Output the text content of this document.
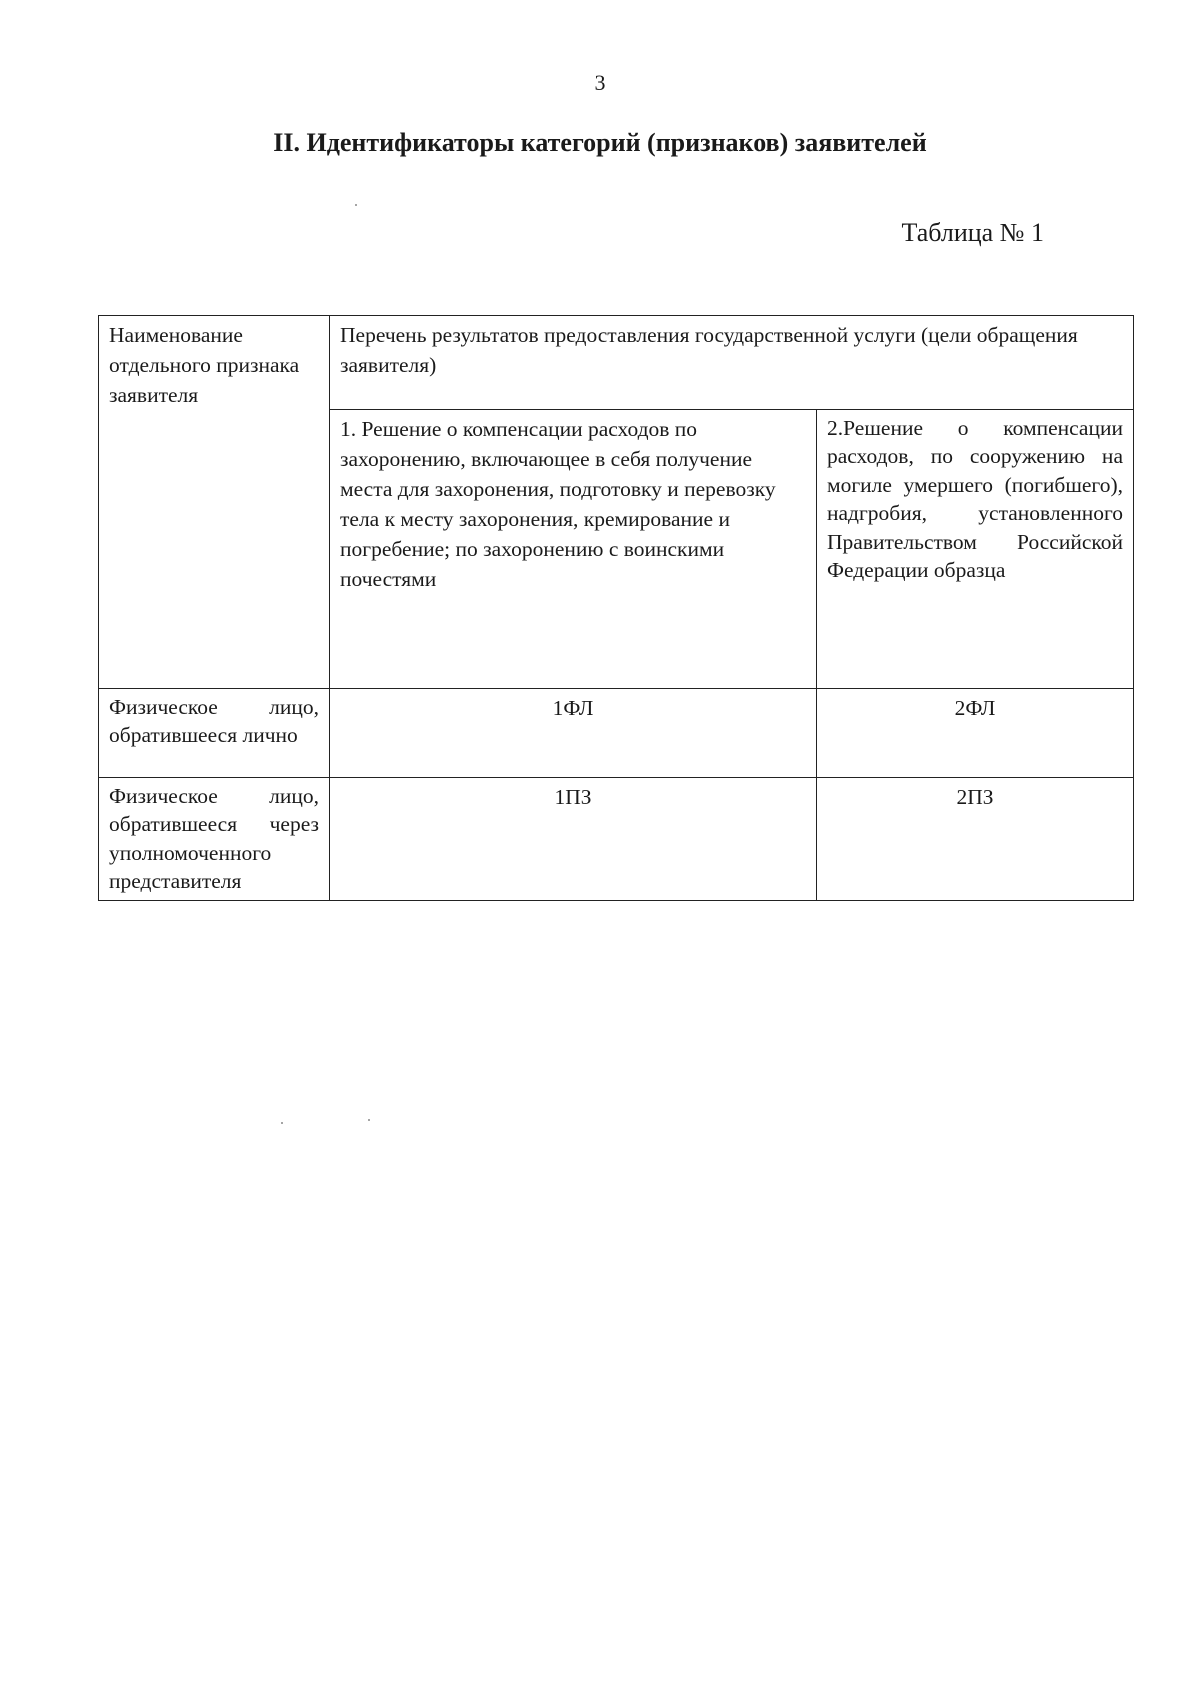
3
II. Идентификаторы категорий (признаков) заявителей
Таблица № 1
Наименование отдельного признака заявителя	Перечень результатов предоставления государственной услуги (цели обращения заявителя)	
	1. Решение о компенсации расходов по захоронению, включающее в себя получение места для захоронения, подготовку и перевозку тела к месту захоронения, кремирование и погребение; по захоронению с воинскими почестями	2.Решение о компенсации расходов, по сооружению на могиле умершего (погибшего), надгробия, установленного Правительством Российской Федерации образца
Физическое лицо, обратившееся лично	1ФЛ	2ФЛ
Физическое лицо, обратившееся через уполномоченного представителя	1ПЗ	2ПЗ
